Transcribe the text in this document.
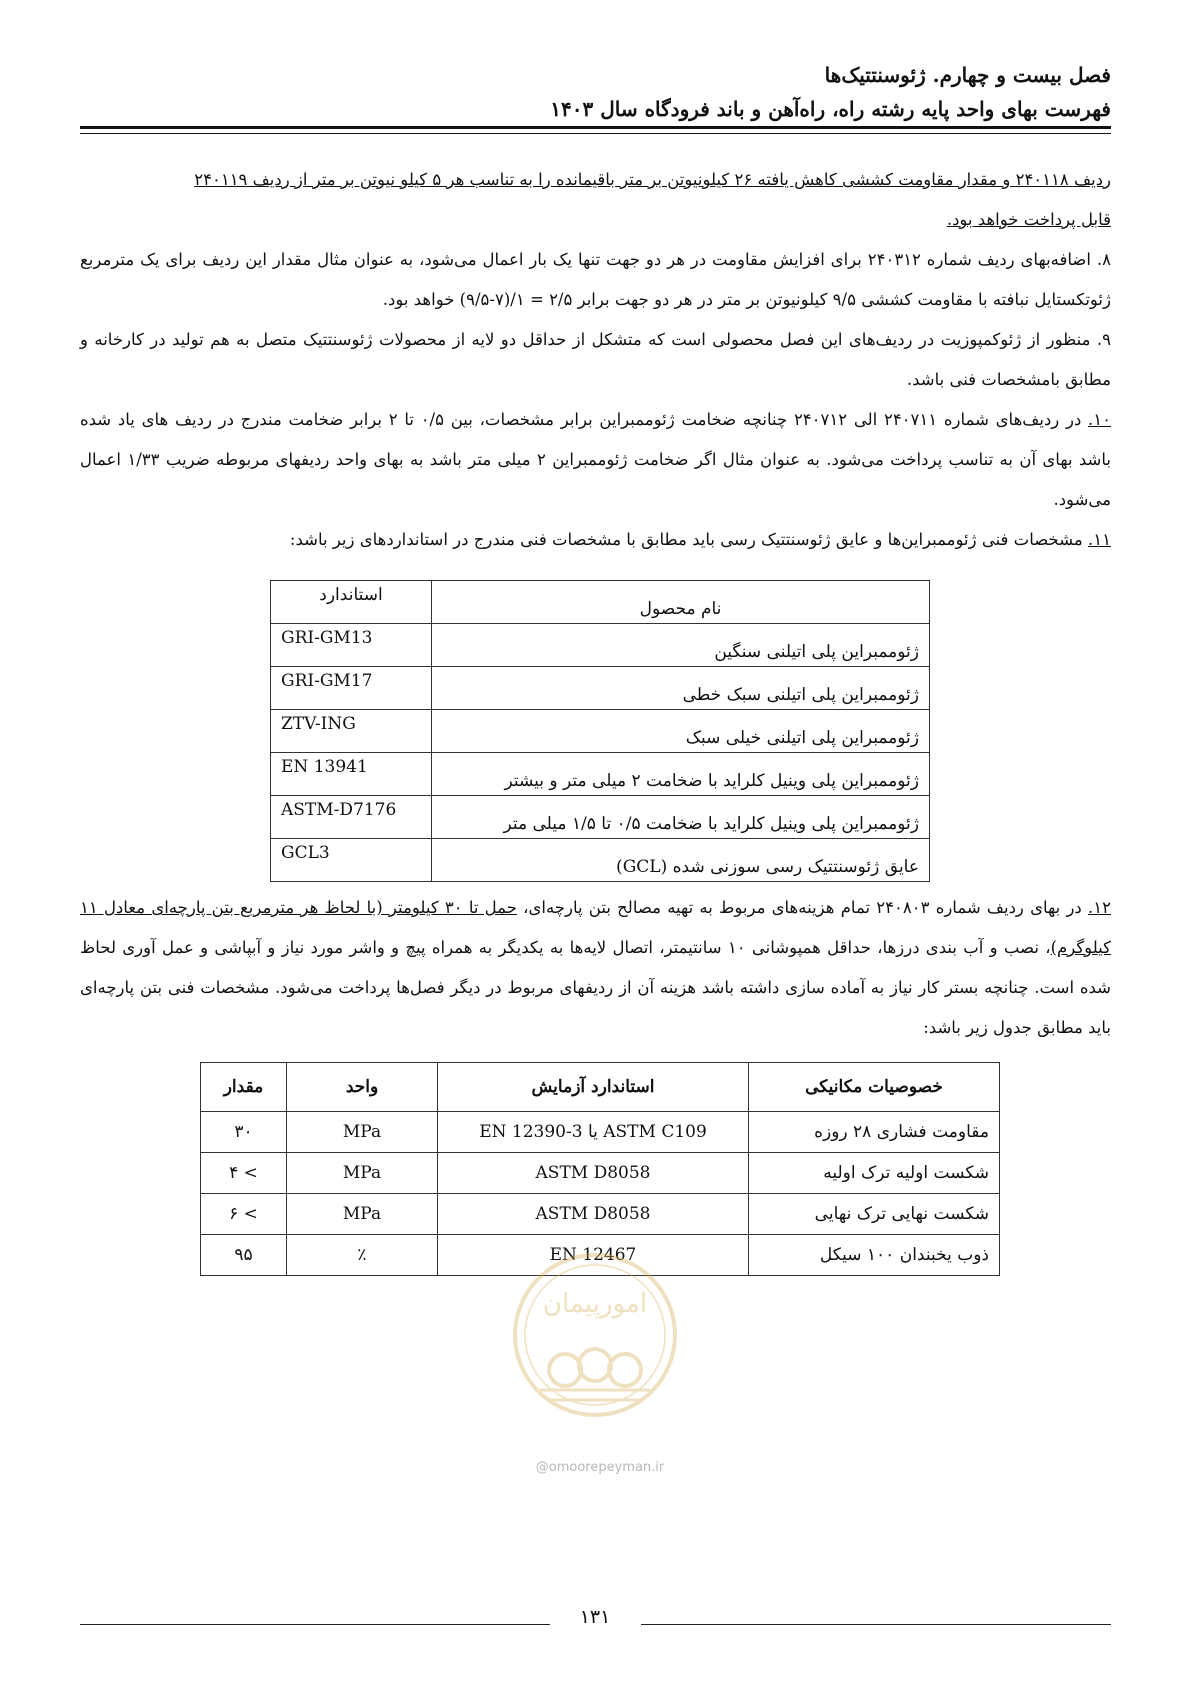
فصل بیست و چهارم. ژئوسنتتیک‌ها
فهرست بهای واحد پایه رشته راه، راه‌آهن و باند فرودگاه سال ۱۴۰۳

ردیف ۲۴۰۱۱۸ و مقدار مقاومت کششی کاهش یافته ۲۶ کیلونیوتن بر متر باقیمانده را به تناسب هر ۵ کیلو نیوتن بر متر از ردیف ۲۴۰۱۱۹
قابل پرداخت خواهد بود.

۸. اضافه‌بهای ردیف شماره ۲۴۰۳۱۲ برای افزایش مقاومت در هر دو جهت تنها یک بار اعمال می‌شود، به عنوان مثال مقدار این ردیف برای یک مترمربع ژئوتکستایل نبافته با مقاومت کششی ۹/۵ کیلونیوتن بر متر در هر دو جهت برابر ۲/۵ = ۱/(۷-۹/۵) خواهد بود.

۹. منظور از ژئوکمپوزیت در ردیف‌های این فصل محصولی است که متشکل از حداقل دو لایه از محصولات ژئوسنتتیک متصل به هم تولید در کارخانه و مطابق بامشخصات فنی باشد.

۱۰. در ردیف‌های شماره ۲۴۰۷۱۱ الی ۲۴۰۷۱۲ چنانچه ضخامت ژئوممبراین برابر مشخصات، بین ۰/۵ تا ۲ برابر ضخامت مندرج در ردیف های یاد شده باشد بهای آن به تناسب پرداخت می‌شود. به عنوان مثال اگر ضخامت ژئوممبراین ۲ میلی متر باشد به بهای واحد ردیفهای مربوطه ضریب ۱/۳۳ اعمال می‌شود.

۱۱. مشخصات فنی ژئوممبراین‌ها و عایق ژئوسنتتیک رسی باید مطابق با مشخصات فنی مندرج در استانداردهای زیر باشد:

نام محصول	استاندارد
ژئوممبراین پلی اتیلنی سنگین	GRI-GM13
ژئوممبراین پلی اتیلنی سبک خطی	GRI-GM17
ژئوممبراین پلی اتیلنی خیلی سبک	ZTV-ING
ژئوممبراین پلی وینیل کلراید با ضخامت ۲ میلی متر و بیشتر	EN 13941
ژئوممبراین پلی وینیل کلراید با ضخامت ۰/۵ تا ۱/۵ میلی متر	ASTM-D7176
عایق ژئوسنتتیک رسی سوزنی شده (GCL)	GCL3

۱۲. در بهای ردیف شماره ۲۴۰۸۰۳ تمام هزینه‌های مربوط به تهیه مصالح بتن پارچه‌ای، حمل تا ۳۰ کیلومتر (با لحاظ هر مترمربع بتن پارچه‌ای معادل ۱۱ کیلوگرم)، نصب و آب بندی درزها، حداقل همپوشانی ۱۰ سانتیمتر، اتصال لایه‌ها به یکدیگر به همراه پیچ و واشر مورد نیاز و آبپاشی و عمل آوری لحاظ شده است. چنانچه بستر کار نیاز به آماده سازی داشته باشد هزینه آن از ردیفهای مربوط در دیگر فصل‌ها پرداخت می‌شود. مشخصات فنی بتن پارچه‌ای باید مطابق جدول زیر باشد:

خصوصیات مکانیکی	استاندارد آزمایش	واحد	مقدار
مقاومت فشاری ۲۸ روزه	EN 12390-3 یا ASTM C109	MPa	۳۰
شکست اولیه ترک اولیه	ASTM D8058	MPa	> ۴
شکست نهایی ترک نهایی	ASTM D8058	MPa	> ۶
ذوب یخبندان ۱۰۰ سیکل	EN 12467	٪	۹۵
امورپیمان
@omoorepeyman.ir
۱۳۱
